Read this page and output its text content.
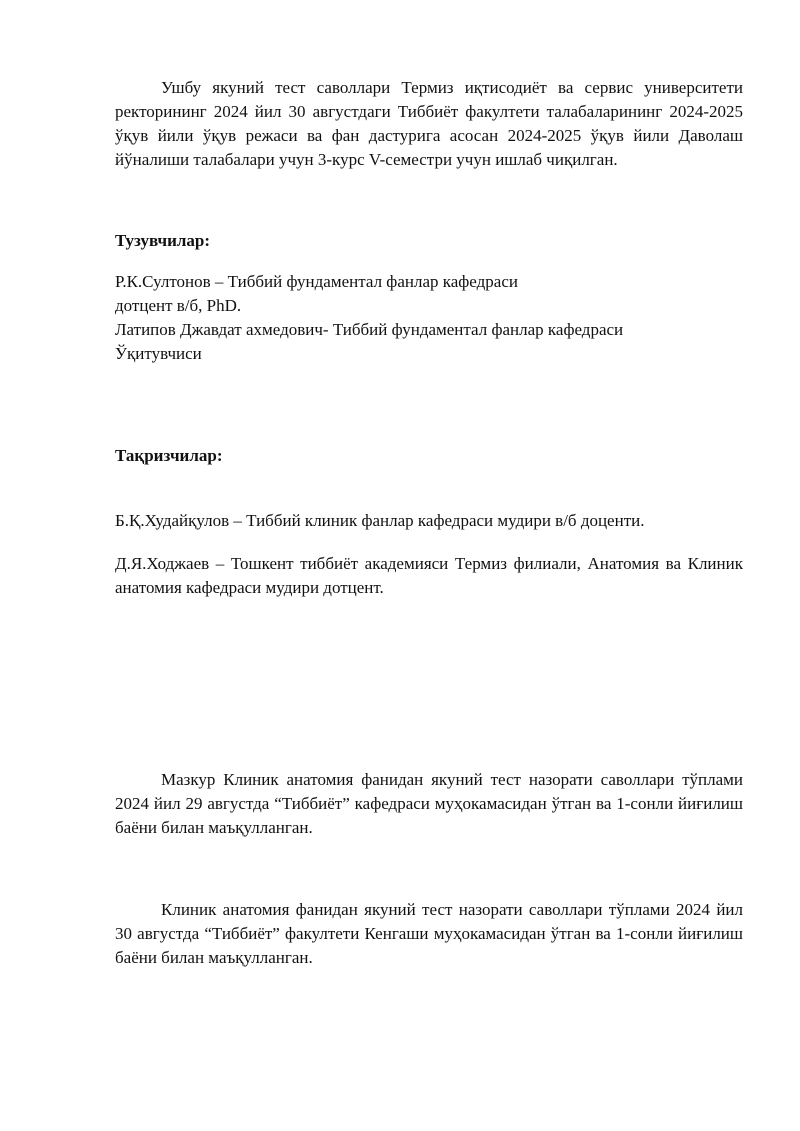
Ушбу якуний тест саволлари Термиз иқтисодиёт ва сервис университети ректорининг 2024 йил 30 августдаги Тиббиёт факултети талабаларининг 2024-2025 ўқув йили ўқув режаси ва фан дастурига асосан 2024-2025 ўқув йили Даволаш йўналиши талабалари учун 3-курс V-семестри учун ишлаб чиқилган.

Тузувчилар:

Р.К.Султонов – Тиббий фундаментал фанлар кафедраси
дотцент в/б, PhD.
Латипов Джавдат ахмедович- Тиббий фундаментал фанлар кафедраси
Ўқитувчиси

Тақризчилар:

Б.Қ.Худайқулов – Тиббий клиник фанлар кафедраси мудири в/б доценти.

Д.Я.Ходжаев – Тошкент тиббиёт академияси Термиз филиали, Анатомия ва Клиник анатомия кафедраси мудири дотцент.

Мазкур Клиник анатомия фанидан якуний тест назорати саволлари тўплами 2024 йил 29 августда “Тиббиёт” кафедраси муҳокамасидан ўтган ва 1-сонли йиғилиш баёни билан маъқулланган.

Клиник анатомия фанидан якуний тест назорати саволлари тўплами 2024 йил 30 августда “Тиббиёт” факултети Кенгаши муҳокамасидан ўтган ва 1-сонли йиғилиш баёни билан маъқулланган.
